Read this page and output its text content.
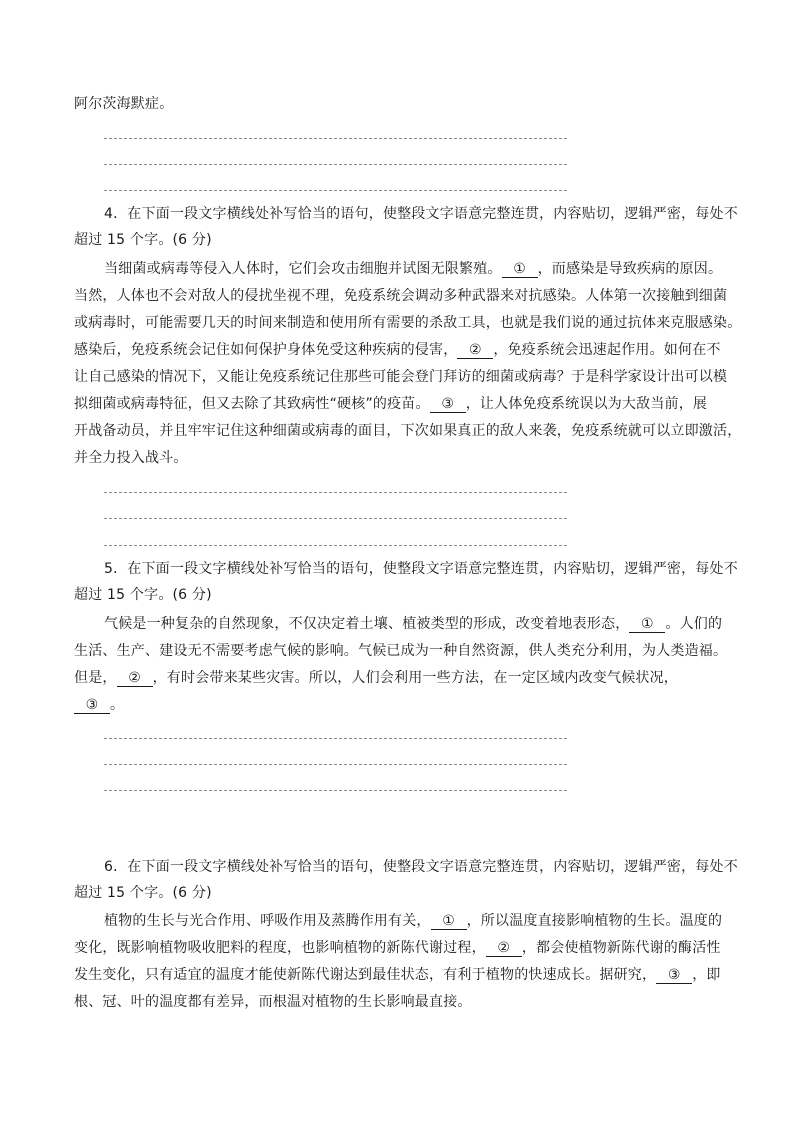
阿尔茨海默症。
4．在下面一段文字横线处补写恰当的语句，使整段文字语意完整连贯，内容贴切，逻辑严密，每处不
超过 15 个字。(6 分)
当细菌或病毒等侵入人体时，它们会攻击细胞并试图无限繁殖。 ① ，而感染是导致疾病的原因。
当然，人体也不会对敌人的侵扰坐视不理，免疫系统会调动多种武器来对抗感染。人体第一次接触到细菌
或病毒时，可能需要几天的时间来制造和使用所有需要的杀敌工具，也就是我们说的通过抗体来克服感染。
感染后，免疫系统会记住如何保护身体免受这种疾病的侵害， ② ，免疫系统会迅速起作用。如何在不
让自己感染的情况下，又能让免疫系统记住那些可能会登门拜访的细菌或病毒？于是科学家设计出可以模
拟细菌或病毒特征，但又去除了其致病性“硬核”的疫苗。 ③ ，让人体免疫系统误以为大敌当前，展
开战备动员，并且牢牢记住这种细菌或病毒的面目，下次如果真正的敌人来袭，免疫系统就可以立即激活，
并全力投入战斗。
5．在下面一段文字横线处补写恰当的语句，使整段文字语意完整连贯，内容贴切，逻辑严密，每处不
超过 15 个字。(6 分)
气候是一种复杂的自然现象，不仅决定着土壤、植被类型的形成，改变着地表形态， ① 。人们的
生活、生产、建设无不需要考虑气候的影响。气候已成为一种自然资源，供人类充分利用，为人类造福。
但是， ② ，有时会带来某些灾害。所以，人们会利用一些方法，在一定区域内改变气候状况，
③ 。
6．在下面一段文字横线处补写恰当的语句，使整段文字语意完整连贯，内容贴切，逻辑严密，每处不
超过 15 个字。(6 分)
植物的生长与光合作用、呼吸作用及蒸腾作用有关， ① ，所以温度直接影响植物的生长。温度的
变化，既影响植物吸收肥料的程度，也影响植物的新陈代谢过程， ② ，都会使植物新陈代谢的酶活性
发生变化，只有适宜的温度才能使新陈代谢达到最佳状态，有利于植物的快速成长。据研究， ③ ，即
根、冠、叶的温度都有差异，而根温对植物的生长影响最直接。
